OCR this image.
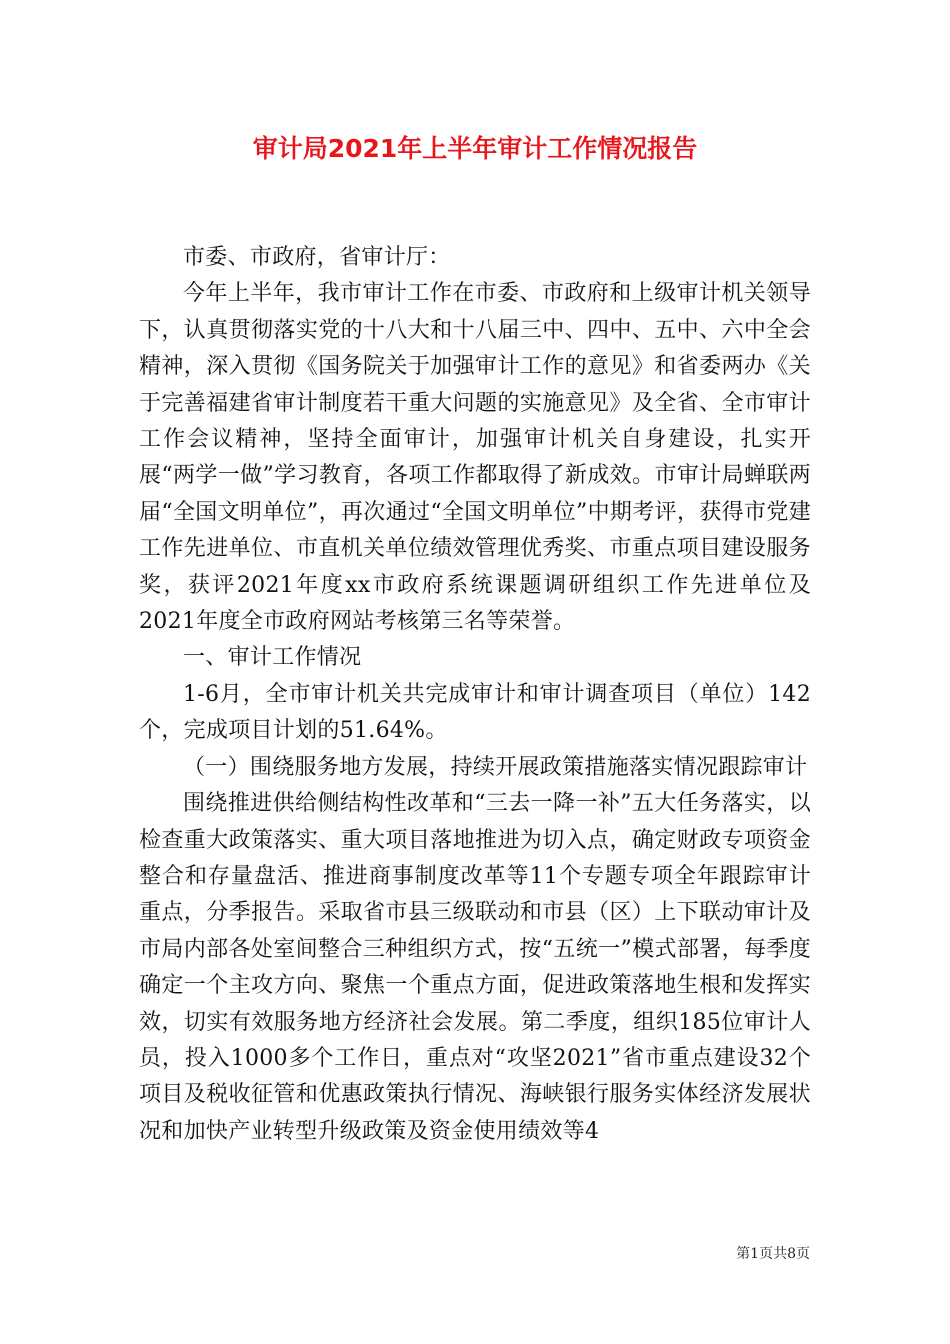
审计局2021年上半年审计工作情况报告

市委、市政府，省审计厅：

今年上半年，我市审计工作在市委、市政府和上级审计机关领导下，认真贯彻落实党的十八大和十八届三中、四中、五中、六中全会精神，深入贯彻《国务院关于加强审计工作的意见》和省委两办《关于完善福建省审计制度若干重大问题的实施意见》及全省、全市审计工作会议精神，坚持全面审计，加强审计机关自身建设，扎实开展“两学一做”学习教育，各项工作都取得了新成效。市审计局蝉联两届“全国文明单位”，再次通过“全国文明单位”中期考评，获得市党建工作先进单位、市直机关单位绩效管理优秀奖、市重点项目建设服务奖，获评2021年度xx市政府系统课题调研组织工作先进单位及2021年度全市政府网站考核第三名等荣誉。

一、审计工作情况

1-6月，全市审计机关共完成审计和审计调查项目（单位）142个，完成项目计划的51.64%。

（一）围绕服务地方发展，持续开展政策措施落实情况跟踪审计

围绕推进供给侧结构性改革和“三去一降一补”五大任务落实，以检查重大政策落实、重大项目落地推进为切入点，确定财政专项资金整合和存量盘活、推进商事制度改革等11个专题专项全年跟踪审计重点，分季报告。采取省市县三级联动和市县（区）上下联动审计及市局内部各处室间整合三种组织方式，按“五统一”模式部署，每季度确定一个主攻方向、聚焦一个重点方面，促进政策落地生根和发挥实效，切实有效服务地方经济社会发展。第二季度，组织185位审计人员，投入1000多个工作日，重点对“攻坚2021”省市重点建设32个项目及税收征管和优惠政策执行情况、海峡银行服务实体经济发展状况和加快产业转型升级政策及资金使用绩效等4

第1页共8页
